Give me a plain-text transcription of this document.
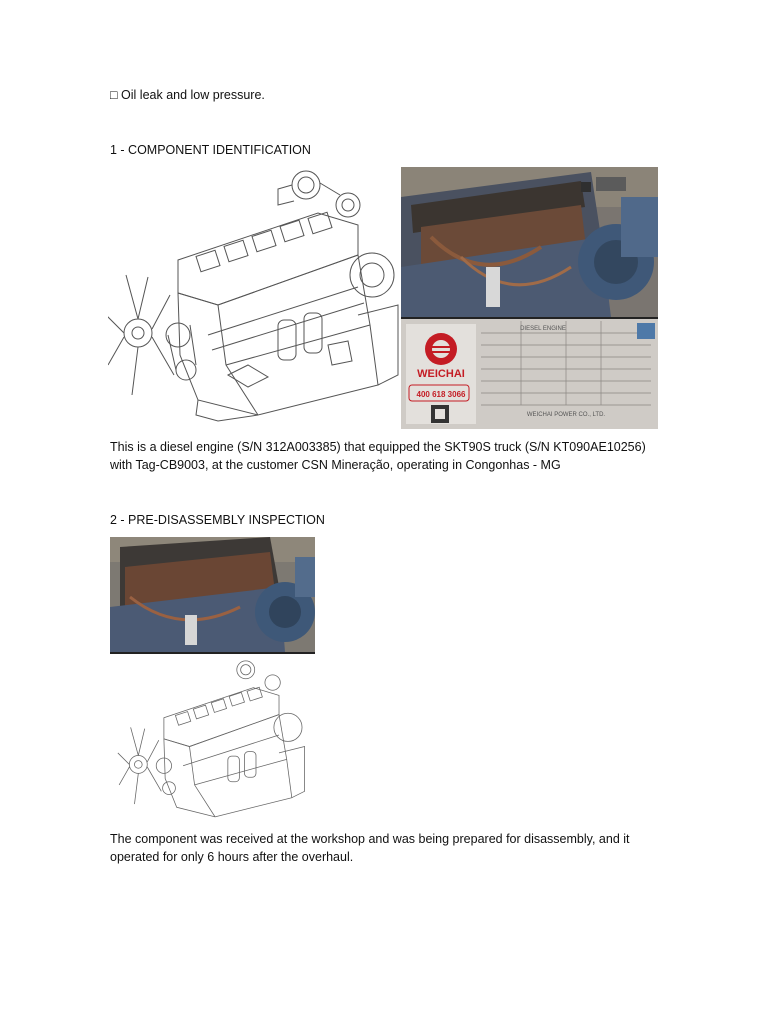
□ Oil leak and low pressure.
1 - COMPONENT IDENTIFICATION
WEICHAI
400 618 3066
DIESEL ENGINE
WEICHAI POWER CO., LTD.
This is a diesel engine (S/N 312A003385) that equipped the SKT90S truck (S/N KT090AE10256)
with Tag-CB9003, at the customer CSN Mineração, operating in Congonhas - MG
2 - PRE-DISASSEMBLY INSPECTION
The component was received at the workshop and was being prepared for disassembly, and it
operated for only 6 hours after the overhaul.
